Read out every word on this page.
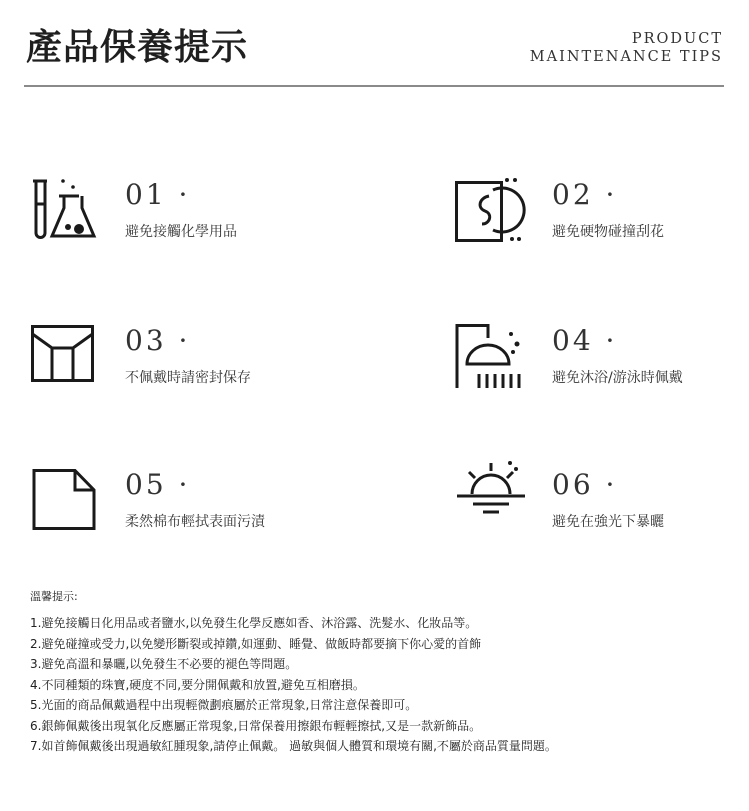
產品保養提示	PRODUCT
MAINTENANCE TIPS
01 ·
避免接觸化學用品
02 ·
避免硬物碰撞刮花
03 ·
不佩戴時請密封保存
04 ·
避免沐浴/游泳時佩戴
05 ·
柔然棉布輕拭表面污漬
06 ·
避免在強光下暴曬
溫馨提示:
1.避免接觸日化用品或者鹽水,以免發生化學反應如香、沐浴露、洗髮水、化妝品等。
2.避免碰撞或受力,以免變形斷裂或掉鑽,如運動、睡覺、做飯時都要摘下你心愛的首飾
3.避免高溫和暴曬,以免發生不必要的褪色等問題。
4.不同種類的珠寶,硬度不同,要分開佩戴和放置,避免互相磨損。
5.光面的商品佩戴過程中出現輕微劃痕屬於正常現象,日常注意保養即可。
6.銀飾佩戴後出現氧化反應屬正常現象,日常保養用擦銀布輕輕擦拭,又是一款新飾品。
7.如首飾佩戴後出現過敏紅腫現象,請停止佩戴。 過敏與個人體質和環境有關,不屬於商品質量問題。
